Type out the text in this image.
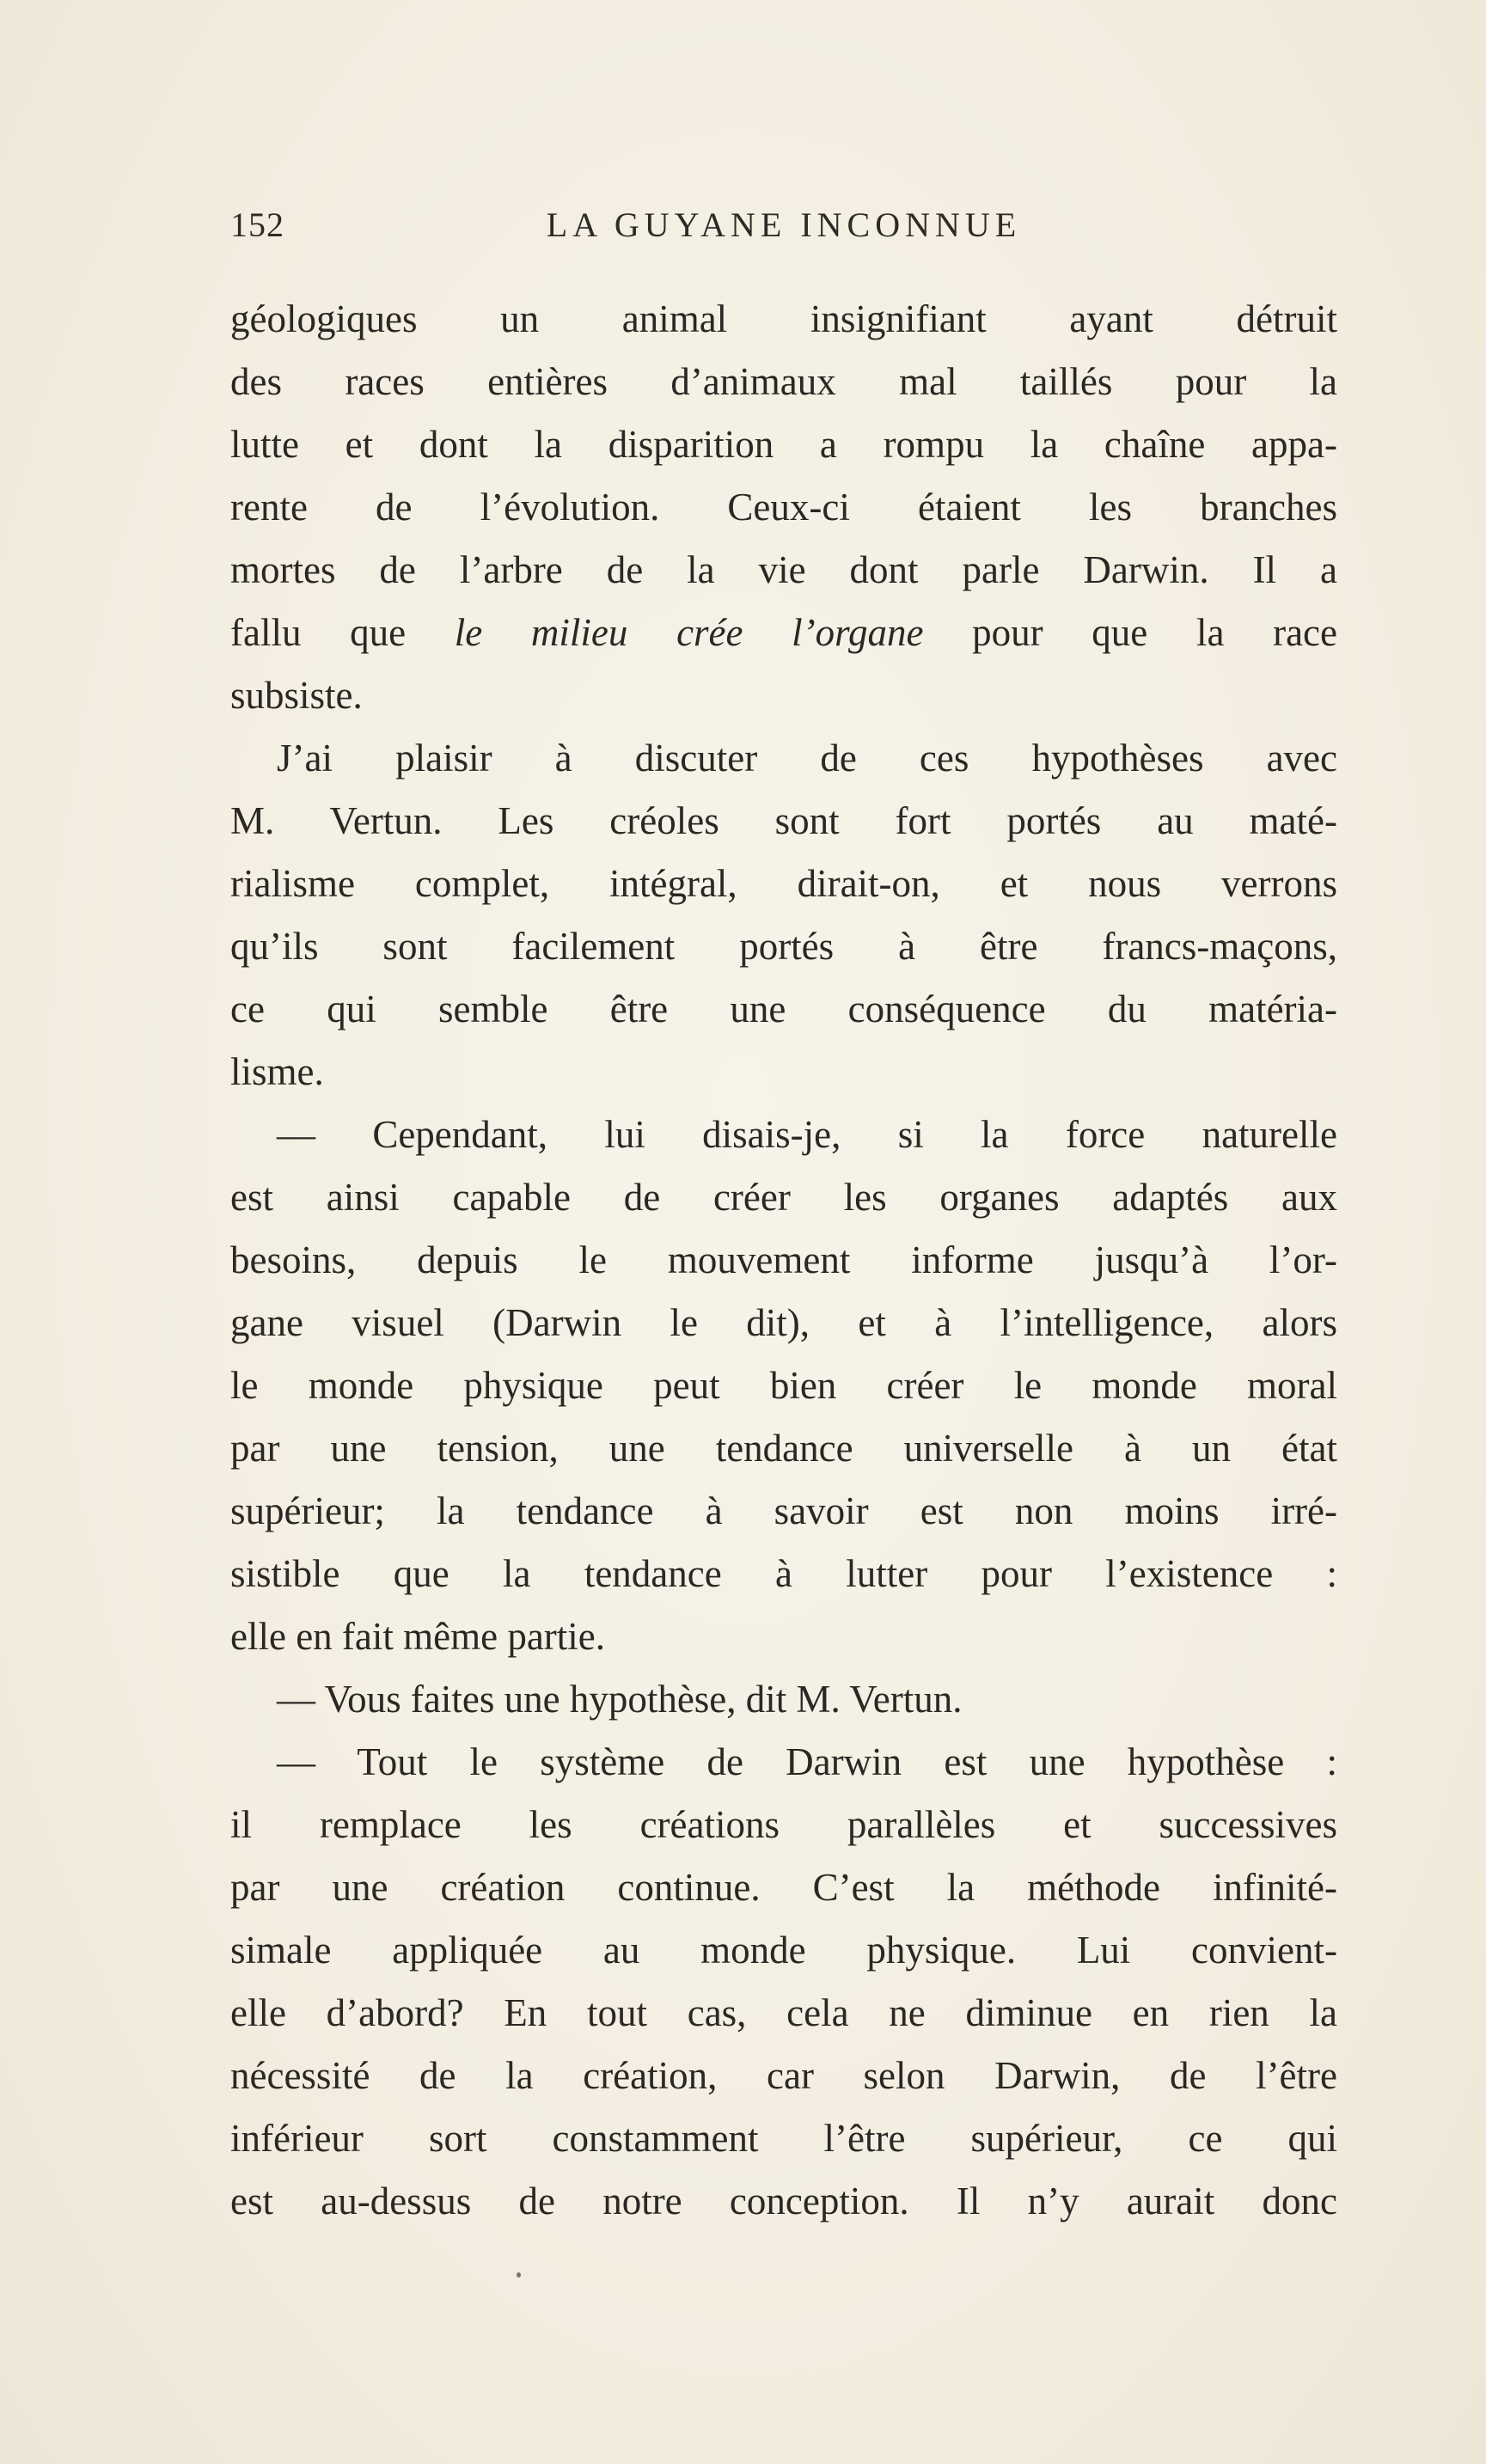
152	LA GUYANE INCONNUE
géologiques un animal insignifiant ayant détruit
des races entières d’animaux mal taillés pour la
lutte et dont la disparition a rompu la chaîne appa-
rente de l’évolution. Ceux-ci étaient les branches
mortes de l’arbre de la vie dont parle Darwin. Il a
fallu que le milieu crée l’organe pour que la race
subsiste.
J’ai plaisir à discuter de ces hypothèses avec
M. Vertun. Les créoles sont fort portés au maté-
rialisme complet, intégral, dirait-on, et nous verrons
qu’ils sont facilement portés à être francs-maçons,
ce qui semble être une conséquence du matéria-
lisme.
— Cependant, lui disais-je, si la force naturelle
est ainsi capable de créer les organes adaptés aux
besoins, depuis le mouvement informe jusqu’à l’or-
gane visuel (Darwin le dit), et à l’intelligence, alors
le monde physique peut bien créer le monde moral
par une tension, une tendance universelle à un état
supérieur; la tendance à savoir est non moins irré-
sistible que la tendance à lutter pour l’existence :
elle en fait même partie.
— Vous faites une hypothèse, dit M. Vertun.
— Tout le système de Darwin est une hypothèse :
il remplace les créations parallèles et successives
par une création continue. C’est la méthode infinité-
simale appliquée au monde physique. Lui convient-
elle d’abord? En tout cas, cela ne diminue en rien la
nécessité de la création, car selon Darwin, de l’être
inférieur sort constamment l’être supérieur, ce qui
est au-dessus de notre conception. Il n’y aurait donc
